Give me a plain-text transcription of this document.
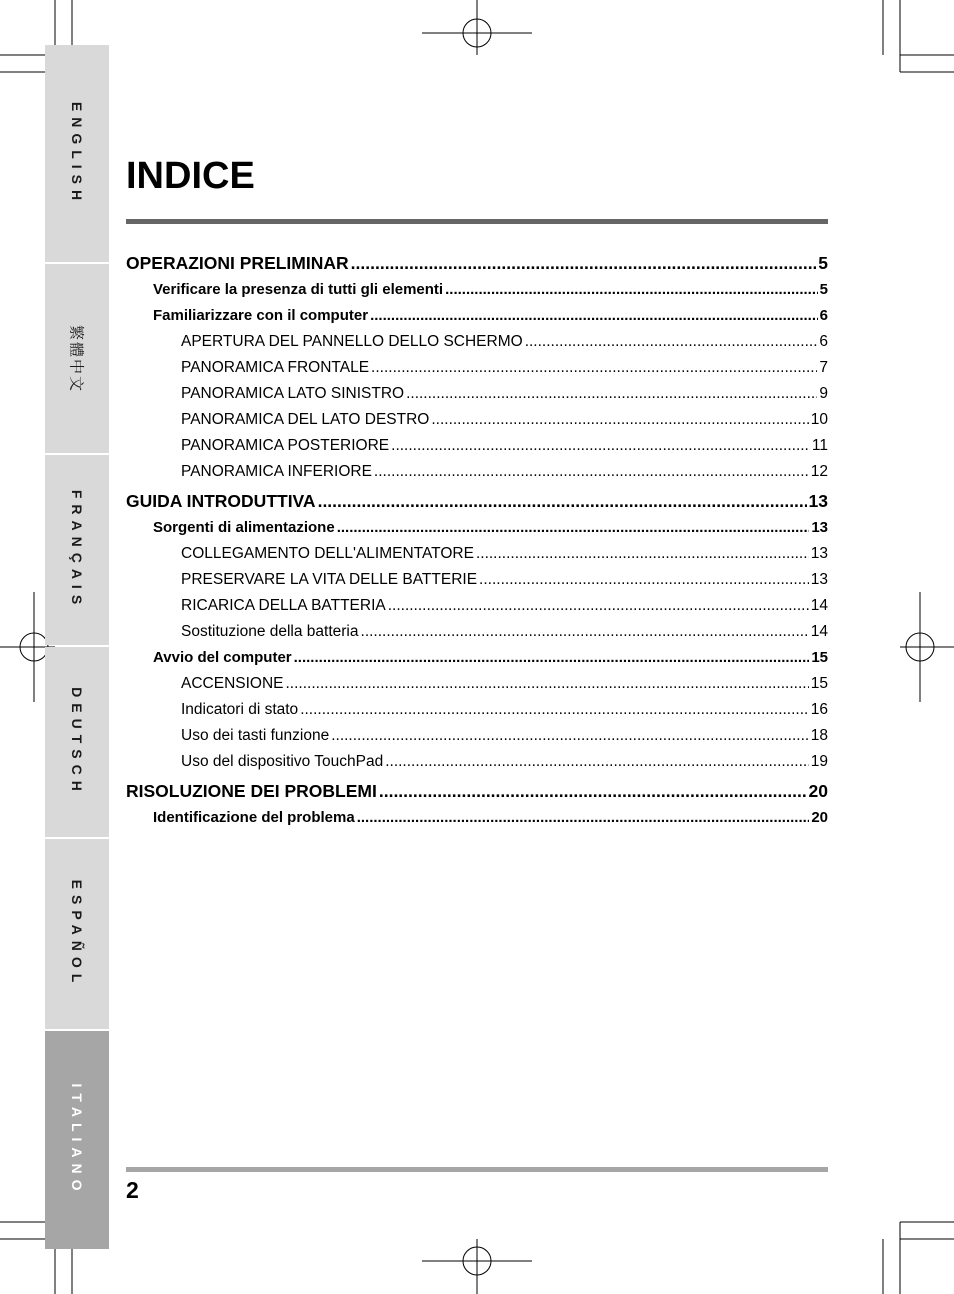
ENGLISH
繁體中文
FRANÇAIS
DEUTSCH
ESPAÑOL
ITALIANO
INDICE
OPERAZIONI PRELIMINAR .....	5
Verificare la presenza di tutti gli elementi .....	5
Familiarizzare con il computer .....	6
APERTURA DEL PANNELLO DELLO SCHERMO .....	6
PANORAMICA FRONTALE .....	7
PANORAMICA LATO SINISTRO .....	9
PANORAMICA DEL LATO DESTRO .....	10
PANORAMICA POSTERIORE .....	11
PANORAMICA INFERIORE .....	12
GUIDA INTRODUTTIVA .....	13
Sorgenti di alimentazione .....	13
COLLEGAMENTO DELL'ALIMENTATORE .....	13
PRESERVARE LA VITA DELLE BATTERIE .....	13
RICARICA DELLA BATTERIA .....	14
Sostituzione della batteria .....	14
Avvio del computer .....	15
ACCENSIONE .....	15
Indicatori di stato .....	16
Uso dei tasti funzione .....	18
Uso del dispositivo TouchPad .....	19
RISOLUZIONE DEI PROBLEMI .....	20
Identificazione del problema .....	20
2
